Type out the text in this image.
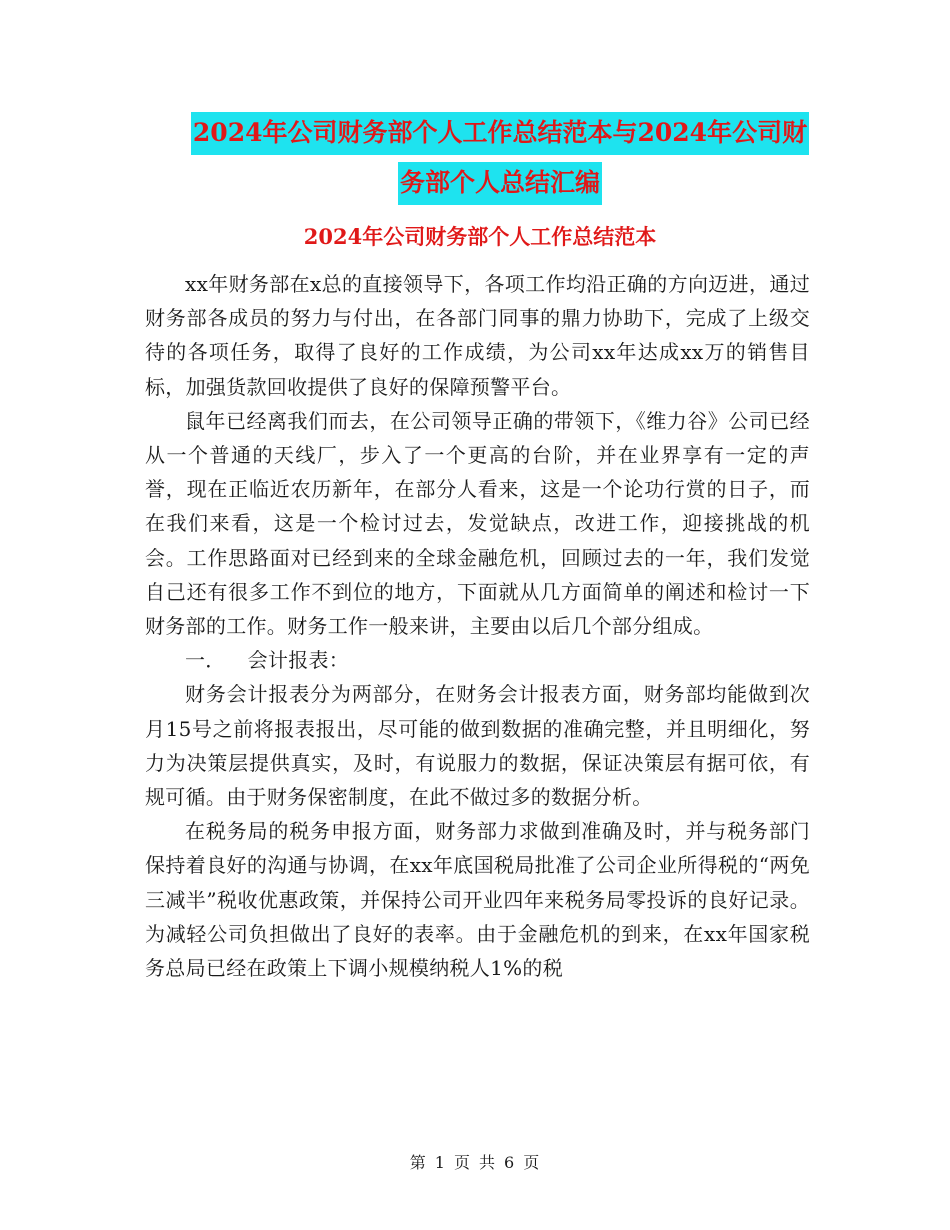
2024年公司财务部个人工作总结范本与2024年公司财
务部个人总结汇编
2024年公司财务部个人工作总结范本

xx年财务部在x总的直接领导下，各项工作均沿正确的方向迈进，通过财务部各成员的努力与付出，在各部门同事的鼎力协助下，完成了上级交待的各项任务，取得了良好的工作成绩，为公司xx年达成xx万的销售目标，加强货款回收提供了良好的保障预警平台。

鼠年已经离我们而去，在公司领导正确的带领下，《维力谷》公司已经从一个普通的天线厂，步入了一个更高的台阶，并在业界享有一定的声誉，现在正临近农历新年，在部分人看来，这是一个论功行赏的日子，而在我们来看，这是一个检讨过去，发觉缺点，改进工作，迎接挑战的机会。工作思路面对已经到来的全球金融危机，回顾过去的一年，我们发觉自己还有很多工作不到位的地方，下面就从几方面简单的阐述和检讨一下财务部的工作。财务工作一般来讲，主要由以后几个部分组成。

一． 会计报表：

财务会计报表分为两部分，在财务会计报表方面，财务部均能做到次月15号之前将报表报出，尽可能的做到数据的准确完整，并且明细化，努力为决策层提供真实，及时，有说服力的数据，保证决策层有据可依，有规可循。由于财务保密制度，在此不做过多的数据分析。

在税务局的税务申报方面，财务部力求做到准确及时，并与税务部门保持着良好的沟通与协调，在xx年底国税局批准了公司企业所得税的“两免三减半”税收优惠政策，并保持公司开业四年来税务局零投诉的良好记录。为减轻公司负担做出了良好的表率。由于金融危机的到来，在xx年国家税务总局已经在政策上下调小规模纳税人1%的税

第 1 页 共 6 页
